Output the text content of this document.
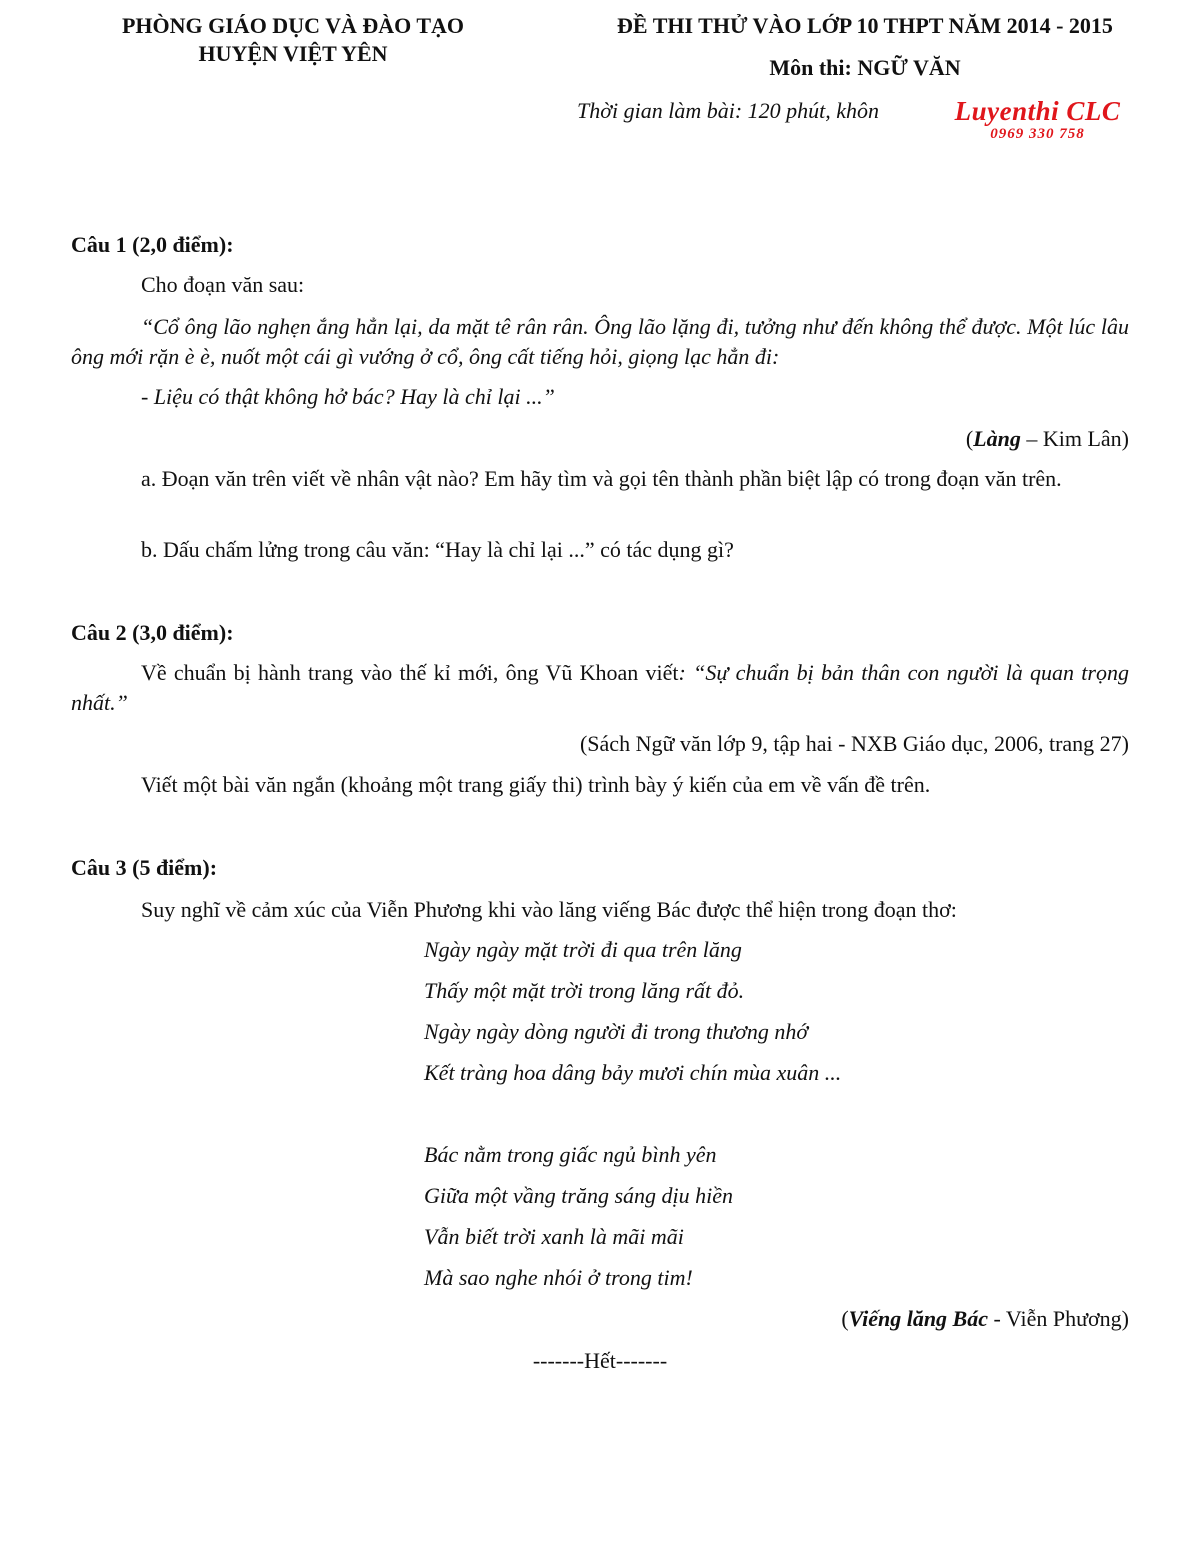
PHÒNG GIÁO DỤC VÀ ĐÀO TẠO
HUYỆN VIỆT YÊN
ĐỀ THI THỬ VÀO LỚP 10 THPT NĂM 2014 - 2015
Môn thi: NGỮ VĂN
Thời gian làm bài: 120 phút, khôn	Luyenthi CLC
0969 330 758
Câu 1 (2,0 điểm):
Cho đoạn văn sau:
“Cổ ông lão nghẹn ắng hẳn lại, da mặt tê rân rân. Ông lão lặng đi, tưởng như đến không thể được. Một lúc lâu ông mới rặn è è, nuốt một cái gì vướng ở cổ, ông cất tiếng hỏi, giọng lạc hẳn đi:
- Liệu có thật không hở bác? Hay là chỉ lại ...”
(Làng – Kim Lân)
a. Đoạn văn trên viết về nhân vật nào? Em hãy tìm và gọi tên thành phần biệt lập có trong đoạn văn trên.
b. Dấu chấm lửng trong câu văn: “Hay là chỉ lại ...” có tác dụng gì?
Câu 2 (3,0 điểm):
Về chuẩn bị hành trang vào thế kỉ mới, ông Vũ Khoan viết: “Sự chuẩn bị bản thân con người là quan trọng nhất.”
(Sách Ngữ văn lớp 9, tập hai - NXB Giáo dục, 2006, trang 27)
Viết một bài văn ngắn (khoảng một trang giấy thi) trình bày ý kiến của em về vấn đề trên.
Câu 3 (5 điểm):
Suy nghĩ về cảm xúc của Viễn Phương khi vào lăng viếng Bác được thể hiện trong đoạn thơ:
Ngày ngày mặt trời đi qua trên lăng
Thấy một mặt trời trong lăng rất đỏ.
Ngày ngày dòng người đi trong thương nhớ
Kết tràng hoa dâng bảy mươi chín mùa xuân ...
Bác nằm trong giấc ngủ bình yên
Giữa một vầng trăng sáng dịu hiền
Vẫn biết trời xanh là mãi mãi
Mà sao nghe nhói ở trong tim!
(Viếng lăng Bác - Viễn Phương)
-------Hết-------
